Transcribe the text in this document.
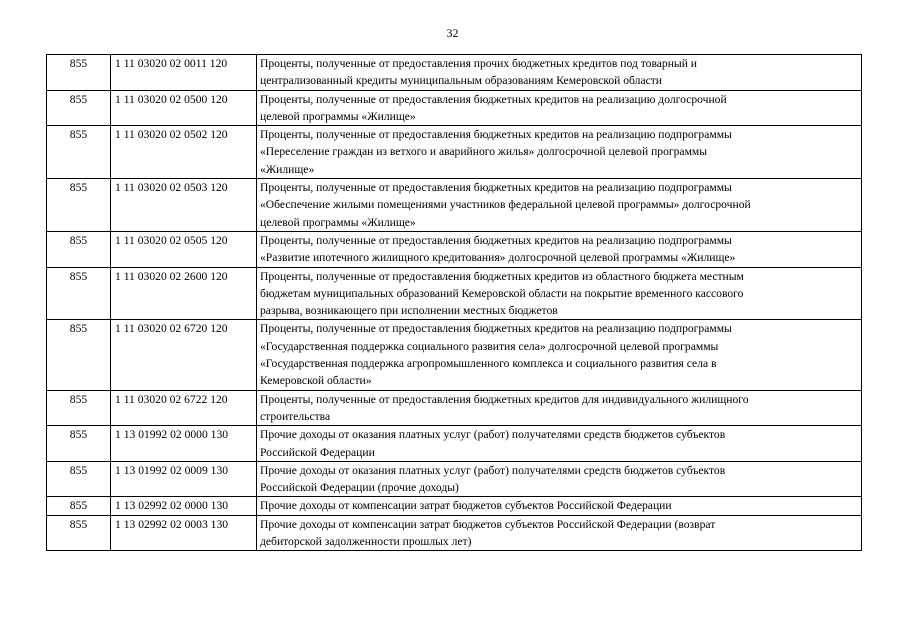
32
855	1 11 03020 02 0011 120	Проценты, полученные от предоставления прочих бюджетных кредитов под товарный и
централизованный кредиты муниципальным образованиям Кемеровской области

855	1 11 03020 02 0500 120	Проценты, полученные от предоставления бюджетных кредитов на реализацию долгосрочной
целевой программы «Жилище»

855	1 11 03020 02 0502 120	Проценты, полученные от предоставления бюджетных кредитов на реализацию подпрограммы
«Переселение граждан из ветхого и аварийного жилья» долгосрочной целевой программы
«Жилище»

855	1 11 03020 02 0503 120	Проценты, полученные от предоставления бюджетных кредитов на реализацию подпрограммы
«Обеспечение жилыми помещениями участников федеральной целевой программы» долгосрочной
целевой программы «Жилище»

855	1 11 03020 02 0505 120	Проценты, полученные от предоставления бюджетных кредитов на реализацию подпрограммы
«Развитие ипотечного жилищного кредитования» долгосрочной целевой программы «Жилище»

855	1 11 03020 02 2600 120	Проценты, полученные от предоставления бюджетных кредитов из областного бюджета местным
бюджетам муниципальных образований Кемеровской области на покрытие временного кассового
разрыва, возникающего при исполнении местных бюджетов

855	1 11 03020 02 6720 120	Проценты, полученные от предоставления бюджетных кредитов на реализацию подпрограммы
«Государственная поддержка социального развития села» долгосрочной целевой программы
«Государственная поддержка агропромышленного комплекса и социального развития села в
Кемеровской области»

855	1 11 03020 02 6722 120	Проценты, полученные от предоставления бюджетных кредитов для индивидуального жилищного
строительства

855	1 13 01992 02 0000 130	Прочие доходы от оказания платных услуг (работ) получателями средств бюджетов субъектов
Российской Федерации

855	1 13 01992 02 0009 130	Прочие доходы от оказания платных услуг (работ) получателями средств бюджетов субъектов
Российской Федерации (прочие доходы)

855	1 13 02992 02 0000 130	Прочие доходы от компенсации затрат бюджетов субъектов Российской Федерации

855	1 13 02992 02 0003 130	Прочие доходы от компенсации затрат бюджетов субъектов Российской Федерации (возврат
дебиторской задолженности прошлых лет)
